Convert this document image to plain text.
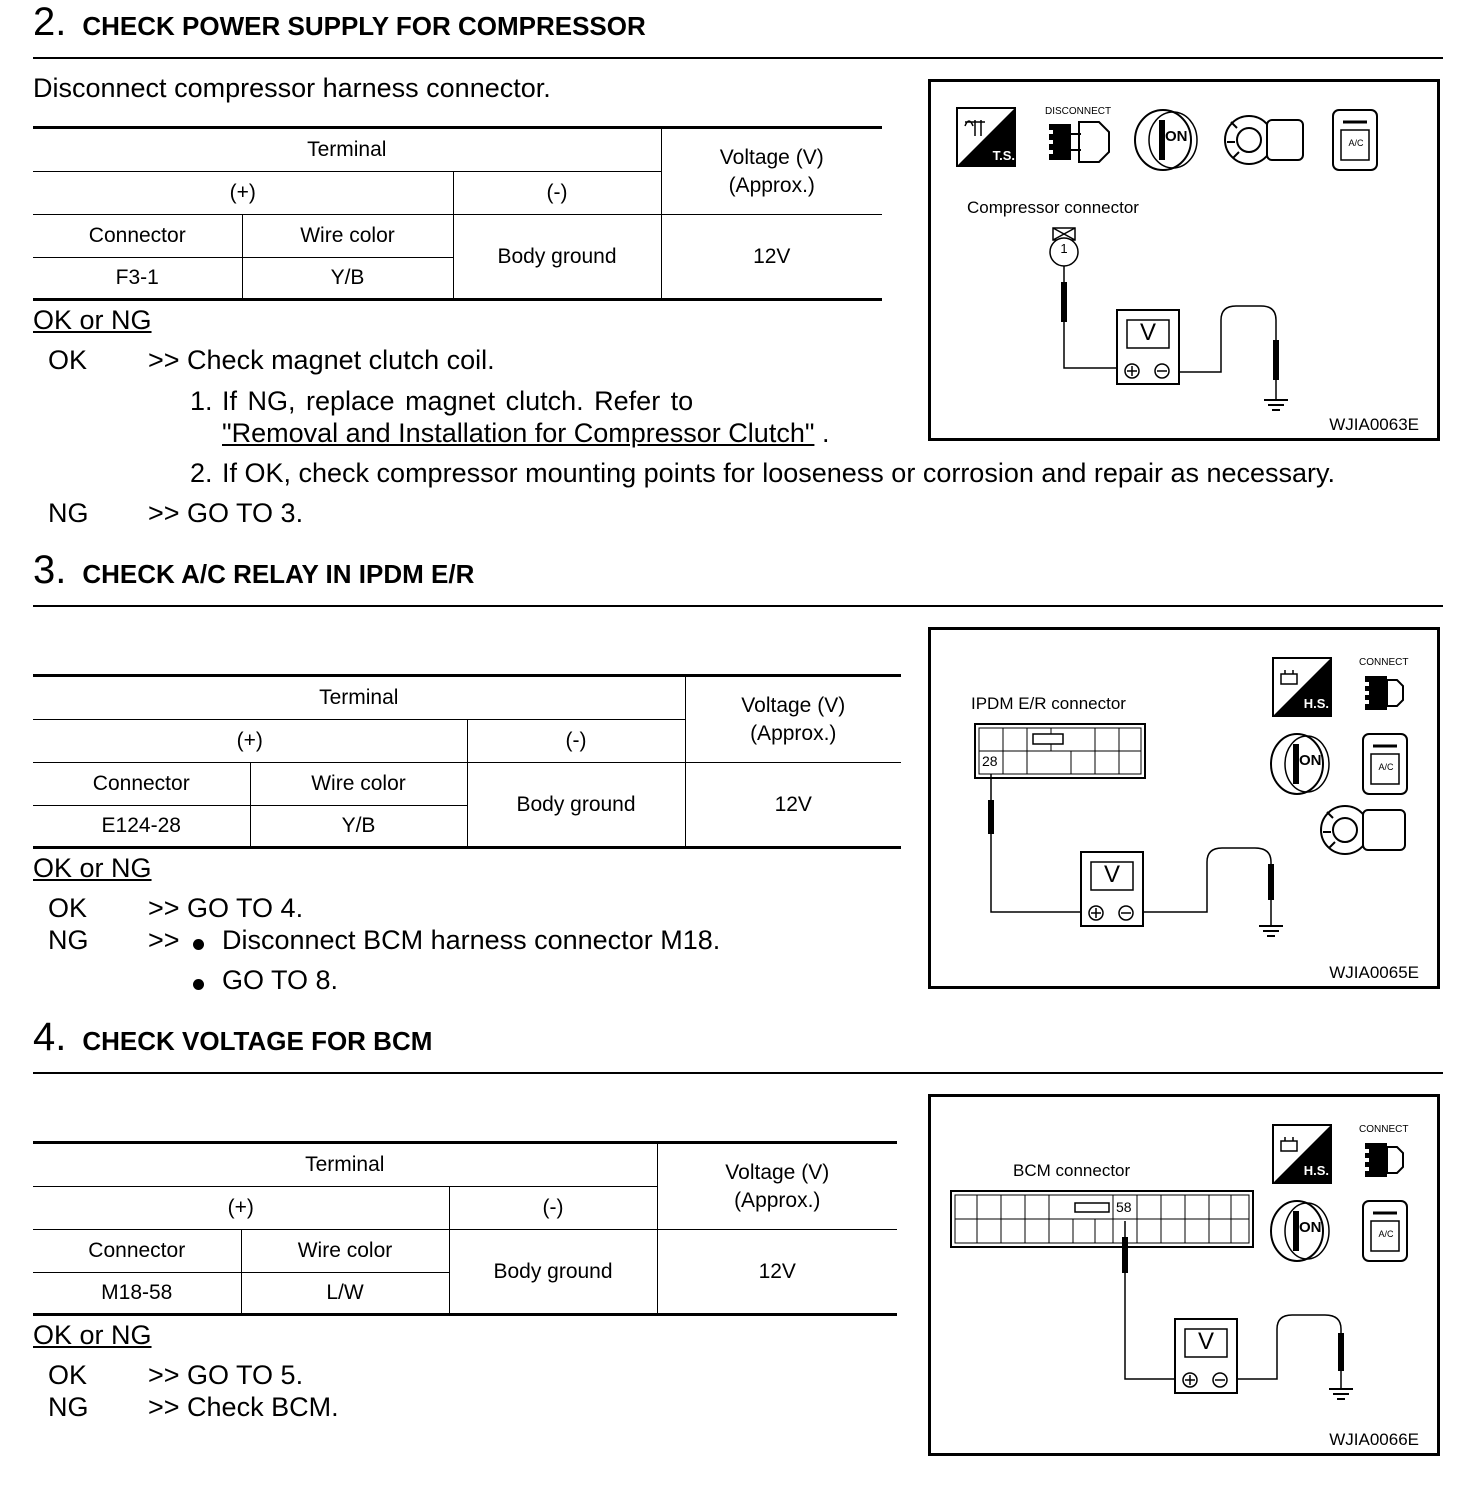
2. CHECK POWER SUPPLY FOR COMPRESSOR
Disconnect compressor harness connector.
Terminal			Voltage (V)
(Approx.)

(+)		(-)	
Connector	Wire color	Body ground	12V
F3-1	Y/B		
OK or NG
OK >> Check magnet clutch coil.
1. If NG, replace magnet clutch. Refer to
"Removal and Installation for Compressor Clutch" .
2. If OK, check compressor mounting points for looseness or corrosion and repair as necessary.
NG >> GO TO 3.
T.S.
DISCONNECT
ON	A/C
Compressor connector
1
V
WJIA0063E
3. CHECK A/C RELAY IN IPDM E/R
Terminal			Voltage (V)
(Approx.)

(+)		(-)	
Connector	Wire color	Body ground	12V
E124-28	Y/B		
OK or NG
OK >> GO TO 4.
NG >> Disconnect BCM harness connector M18.
GO TO 8.
H.S.
CONNECT
ON	A/C
IPDM E/R connector
28
V
WJIA0065E
4. CHECK VOLTAGE FOR BCM
Terminal			Voltage (V)
(Approx.)

(+)		(-)	
Connector	Wire color	Body ground	12V
M18-58	L/W		
OK or NG
OK >> GO TO 5.
NG >> Check BCM.
H.S.
CONNECT
ON	A/C
BCM connector
58
V
WJIA0066E
